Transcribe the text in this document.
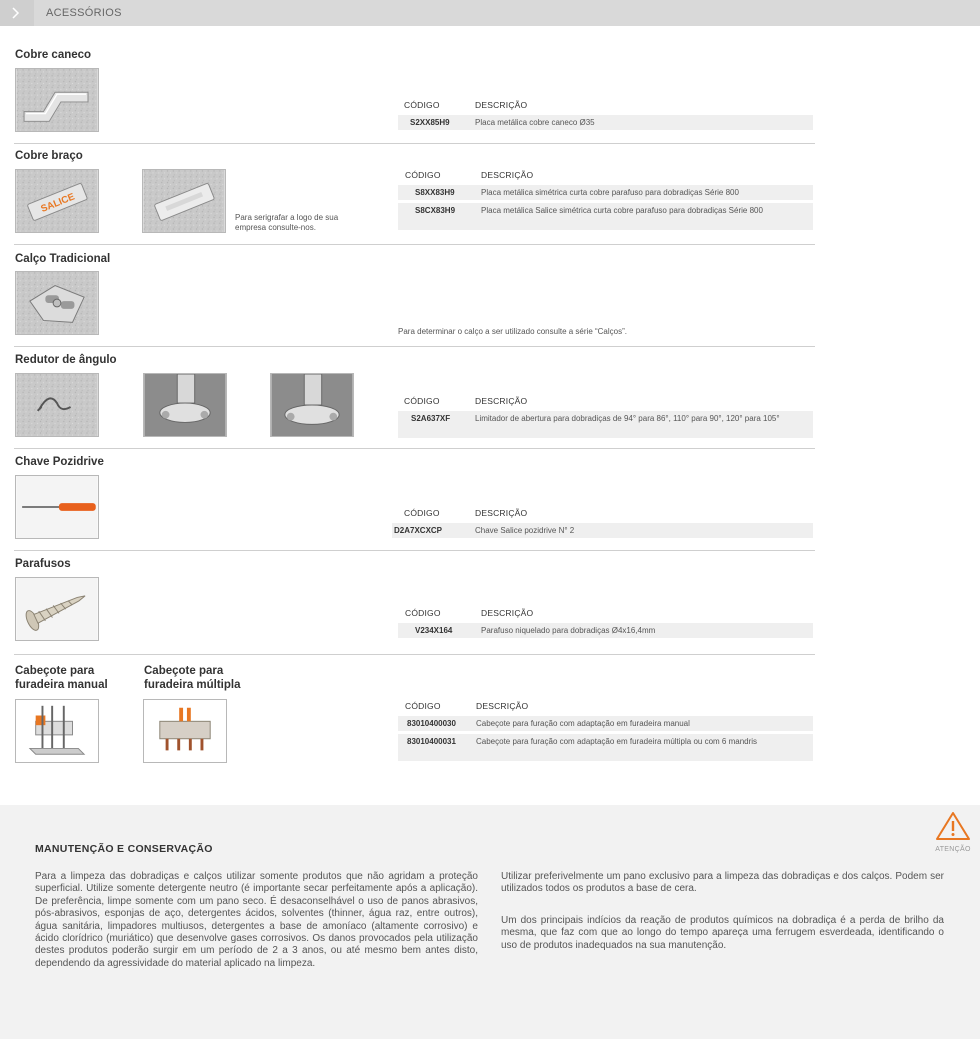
ACESSÓRIOS
Cobre caneco
CÓDIGO	DESCRIÇÃO
S2XX85H9	Placa metálica cobre caneco Ø35
Cobre braço
SALICE
Para serigrafar a logo de sua empresa consulte-nos.
CÓDIGO	DESCRIÇÃO
S8XX83H9	Placa metálica simétrica curta cobre parafuso para dobradiças Série 800
S8CX83H9	Placa metálica Salice simétrica curta cobre parafuso para dobradiças Série 800
Calço Tradicional
Para determinar o calço a ser utilizado consulte a série “Calços”.
Redutor de ângulo
CÓDIGO	DESCRIÇÃO
S2A637XF	Limitador de abertura para dobradiças de 94° para 86°, 110° para 90°, 120° para 105°
Chave Pozidrive
CÓDIGO	DESCRIÇÃO
D2A7XCXCP	Chave Salice pozidrive N° 2
Parafusos
CÓDIGO	DESCRIÇÃO
V234X164	Parafuso niquelado para dobradiças Ø4x16,4mm
Cabeçote para
furadeira manual
Cabeçote para
furadeira múltipla
CÓDIGO	DESCRIÇÃO
83010400030	Cabeçote para furação com adaptação em furadeira manual
83010400031	Cabeçote para furação com adaptação em furadeira múltipla ou com 6 mandris
ATENÇÃO
MANUTENÇÃO E CONSERVAÇÃO

Para a limpeza das dobradiças e calços utilizar somente produtos que não agridam a proteção superficial. Utilize somente detergente neutro (é importante secar perfeitamente após a aplicação). De preferência, limpe somente com um pano seco. É desaconselhável o uso de panos abrasivos, pós-abrasivos, esponjas de aço, detergentes ácidos, solventes (thinner, água raz, entre outros), água sanitária, limpadores multiusos, detergentes a base de amoníaco (altamente corrosivo) e ácido clorídrico (muriático) que desenvolve gases corrosivos. Os danos provocados pela utilização destes produtos poderão surgir em um período de 2 a 3 anos, ou até mesmo bem antes disto, dependendo da agressividade do material aplicado na limpeza.

Utilizar preferivelmente um pano exclusivo para a limpeza das dobradiças e dos calços. Podem ser utilizados todos os produtos a base de cera.

Um dos principais indícios da reação de produtos químicos na dobradiça é a perda de brilho da mesma, que faz com que ao longo do tempo apareça uma ferrugem esverdeada, identificando o uso de produtos inadequados na sua manutenção.
